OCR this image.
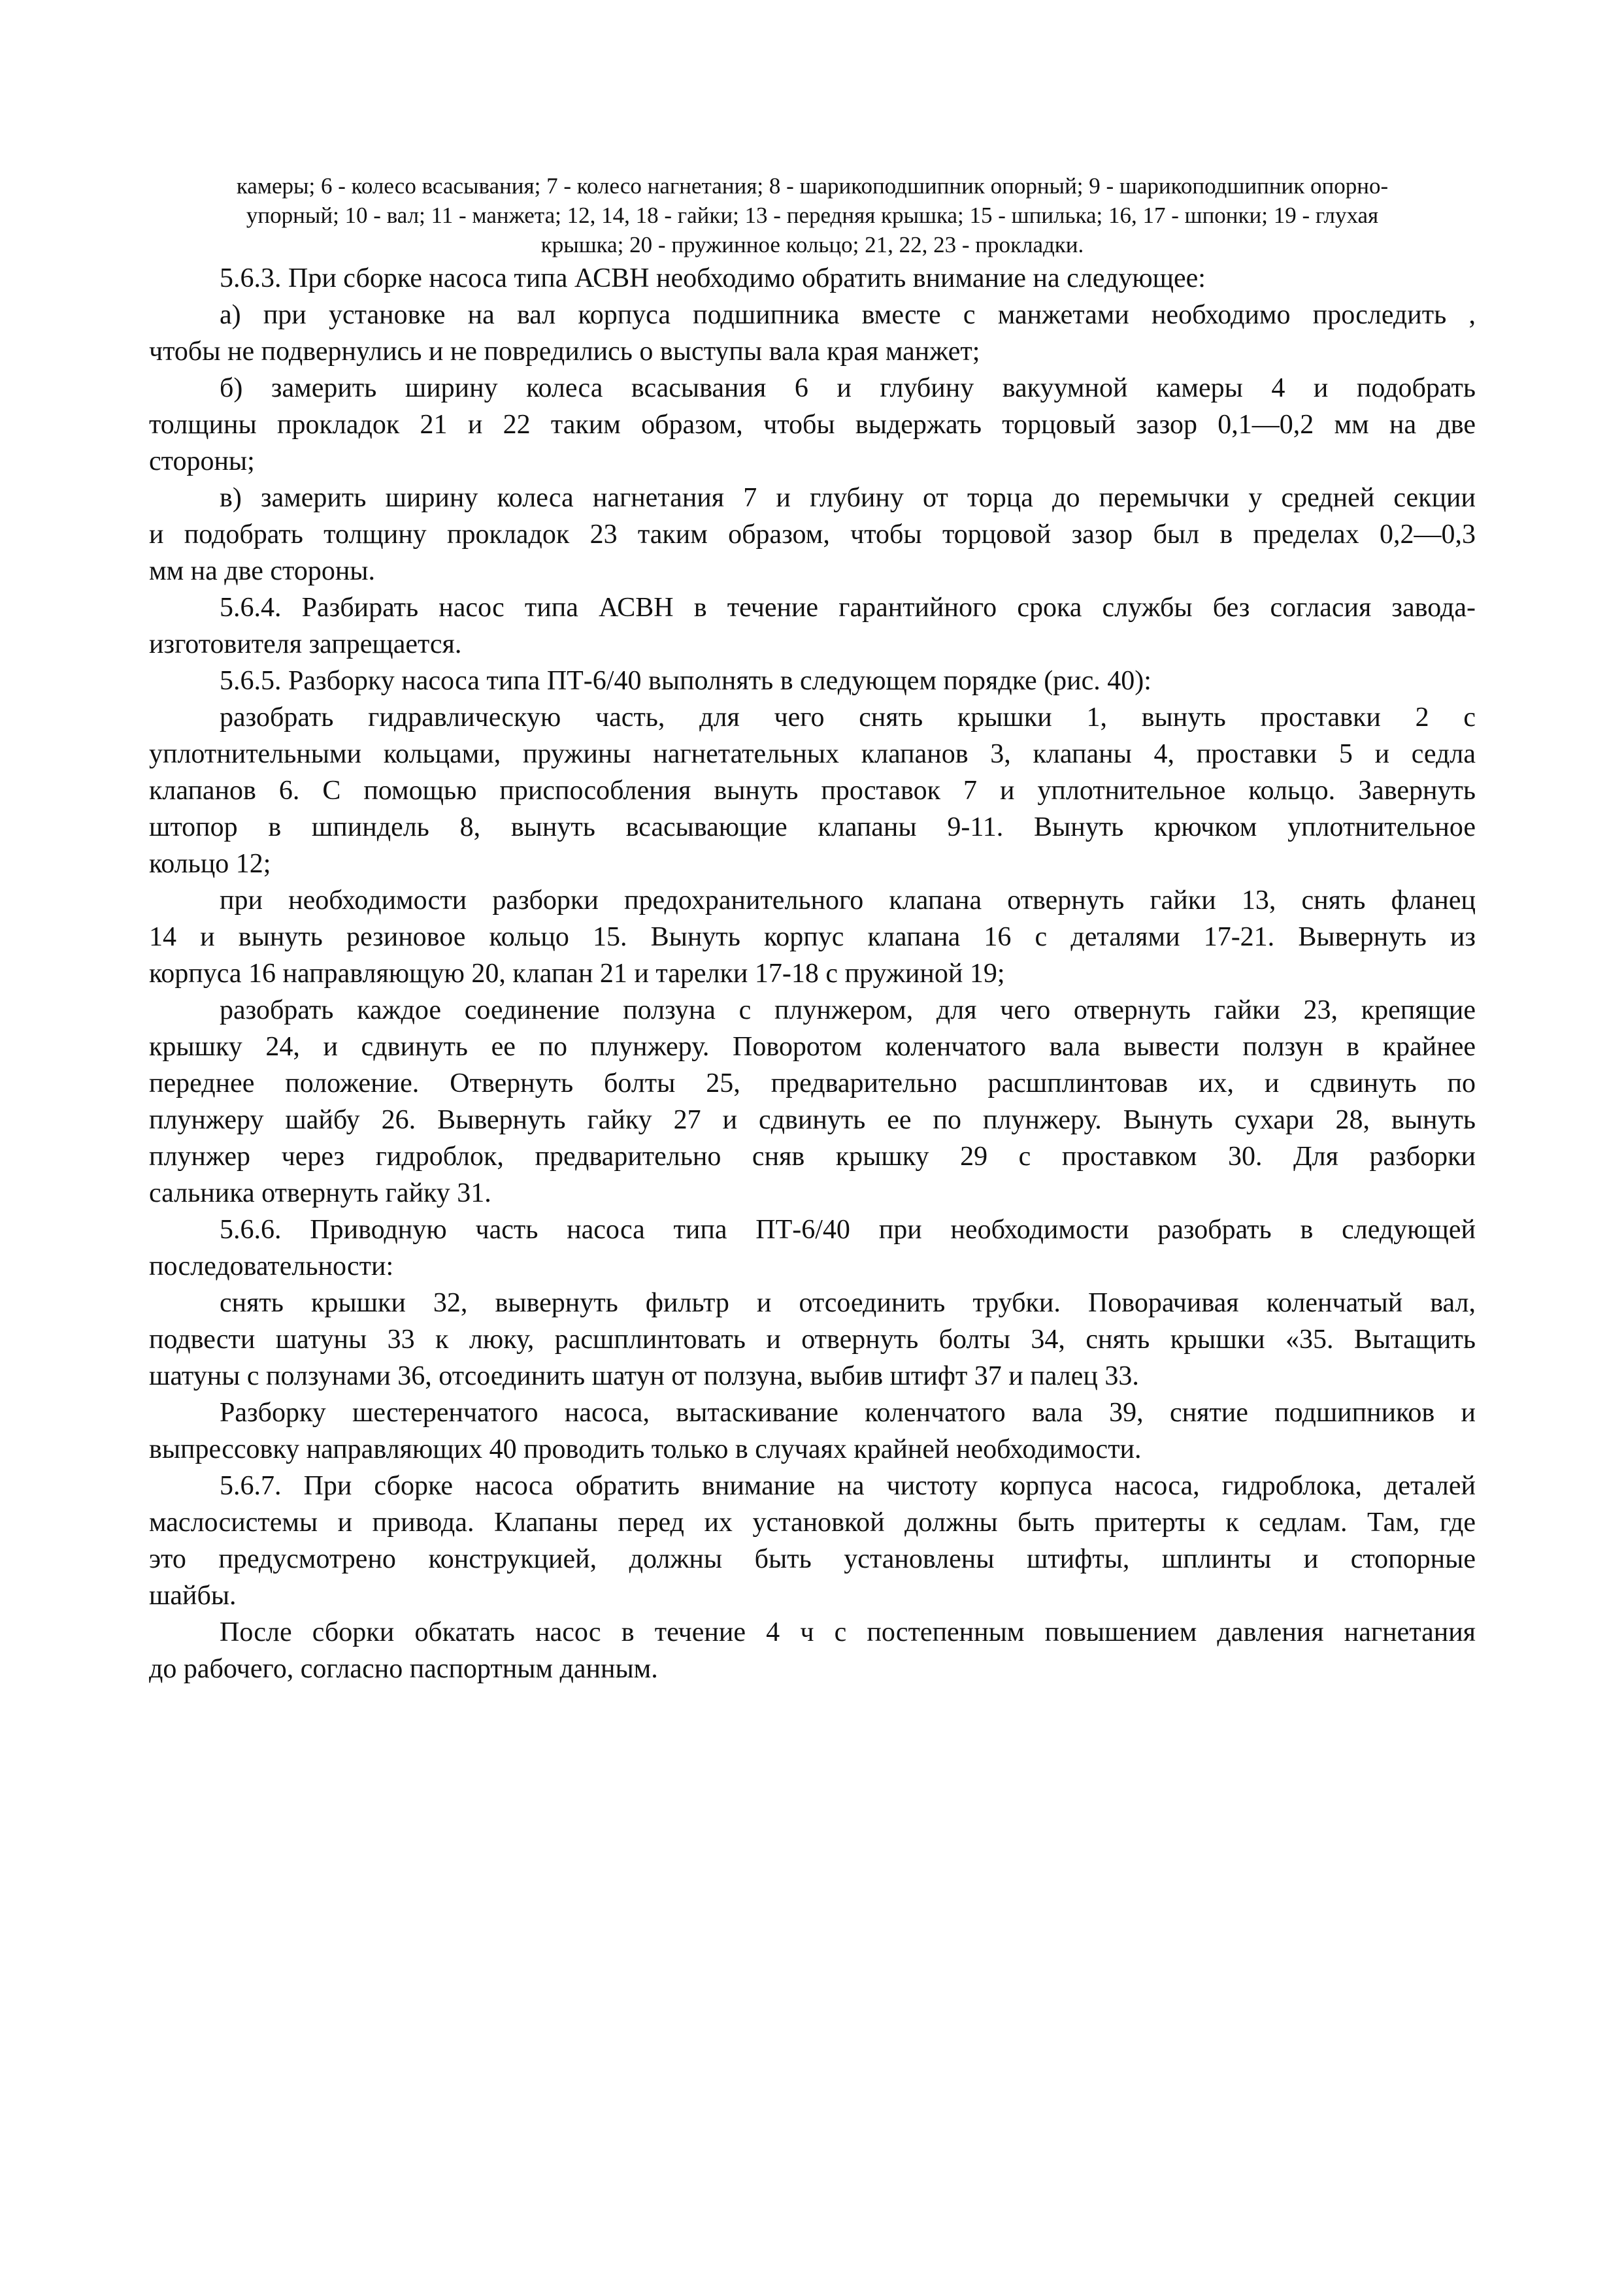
камеры; 6 - колесо всасывания; 7 - колесо нагнетания; 8 - шарикоподшипник опорный; 9 - шарикоподшипник опорно-
упорный; 10 - вал; 11 - манжета; 12, 14, 18 - гайки; 13 - передняя крышка; 15 - шпилька; 16, 17 - шпонки; 19 - глухая
крышка; 20 - пружинное кольцо; 21, 22, 23 - прокладки.

5.6.3. При сборке насоса типа АСВН необходимо обратить внимание на следующее:

а) при установке на вал корпуса подшипника вместе с манжетами необходимо проследить ,
чтобы не подвернулись и не повредились о выступы вала края манжет;
б) замерить ширину колеса всасывания 6 и глубину вакуумной камеры 4 и подобрать
толщины прокладок 21 и 22 таким образом, чтобы выдержать торцовый зазор 0,1—0,2 мм на две
стороны;
в) замерить ширину колеса нагнетания 7 и глубину от торца до перемычки у средней секции
и подобрать толщину прокладок 23 таким образом, чтобы торцовой зазор был в пределах 0,2—0,3
мм на две стороны.
5.6.4. Разбирать насос типа АСВН в течение гарантийного срока службы без согласия завода-
изготовителя запрещается.

5.6.5. Разборку насоса типа ПТ-6/40 выполнять в следующем порядке (рис. 40):

разобрать гидравлическую часть, для чего снять крышки 1, вынуть проставки 2 с
уплотнительными кольцами, пружины нагнетательных клапанов 3, клапаны 4, проставки 5 и седла
клапанов 6. С помощью приспособления вынуть проставок 7 и уплотнительное кольцо. Завернуть
штопор в шпиндель 8, вынуть всасывающие клапаны 9-11. Вынуть крючком уплотнительное
кольцо 12;
при необходимости разборки предохранительного клапана отвернуть гайки 13, снять фланец
14 и вынуть резиновое кольцо 15. Вынуть корпус клапана 16 с деталями 17-21. Вывернуть из
корпуса 16 направляющую 20, клапан 21 и тарелки 17-18 с пружиной 19;
разобрать каждое соединение ползуна с плунжером, для чего отвернуть гайки 23, крепящие
крышку 24, и сдвинуть ее по плунжеру. Поворотом коленчатого вала вывести ползун в крайнее
переднее положение. Отвернуть болты 25, предварительно расшплинтовав их, и сдвинуть по
плунжеру шайбу 26. Вывернуть гайку 27 и сдвинуть ее по плунжеру. Вынуть сухари 28, вынуть
плунжер через гидроблок, предварительно сняв крышку 29 с проставком 30. Для разборки
сальника отвернуть гайку 31.
5.6.6. Приводную часть насоса типа ПТ-6/40 при необходимости разобрать в следующей
последовательности:
снять крышки 32, вывернуть фильтр и отсоединить трубки. Поворачивая коленчатый вал,
подвести шатуны 33 к люку, расшплинтовать и отвернуть болты 34, снять крышки «35. Вытащить
шатуны с ползунами 36, отсоединить шатун от ползуна, выбив штифт 37 и палец 33.
Разборку шестеренчатого насоса, вытаскивание коленчатого вала 39, снятие подшипников и
выпрессовку направляющих 40 проводить только в случаях крайней необходимости.
5.6.7. При сборке насоса обратить внимание на чистоту корпуса насоса, гидроблока, деталей
маслосистемы и привода. Клапаны перед их установкой должны быть притерты к седлам. Там, где
это предусмотрено конструкцией, должны быть установлены штифты, шплинты и стопорные
шайбы.
После сборки обкатать насос в течение 4 ч с постепенным повышением давления нагнетания
до рабочего, согласно паспортным данным.
